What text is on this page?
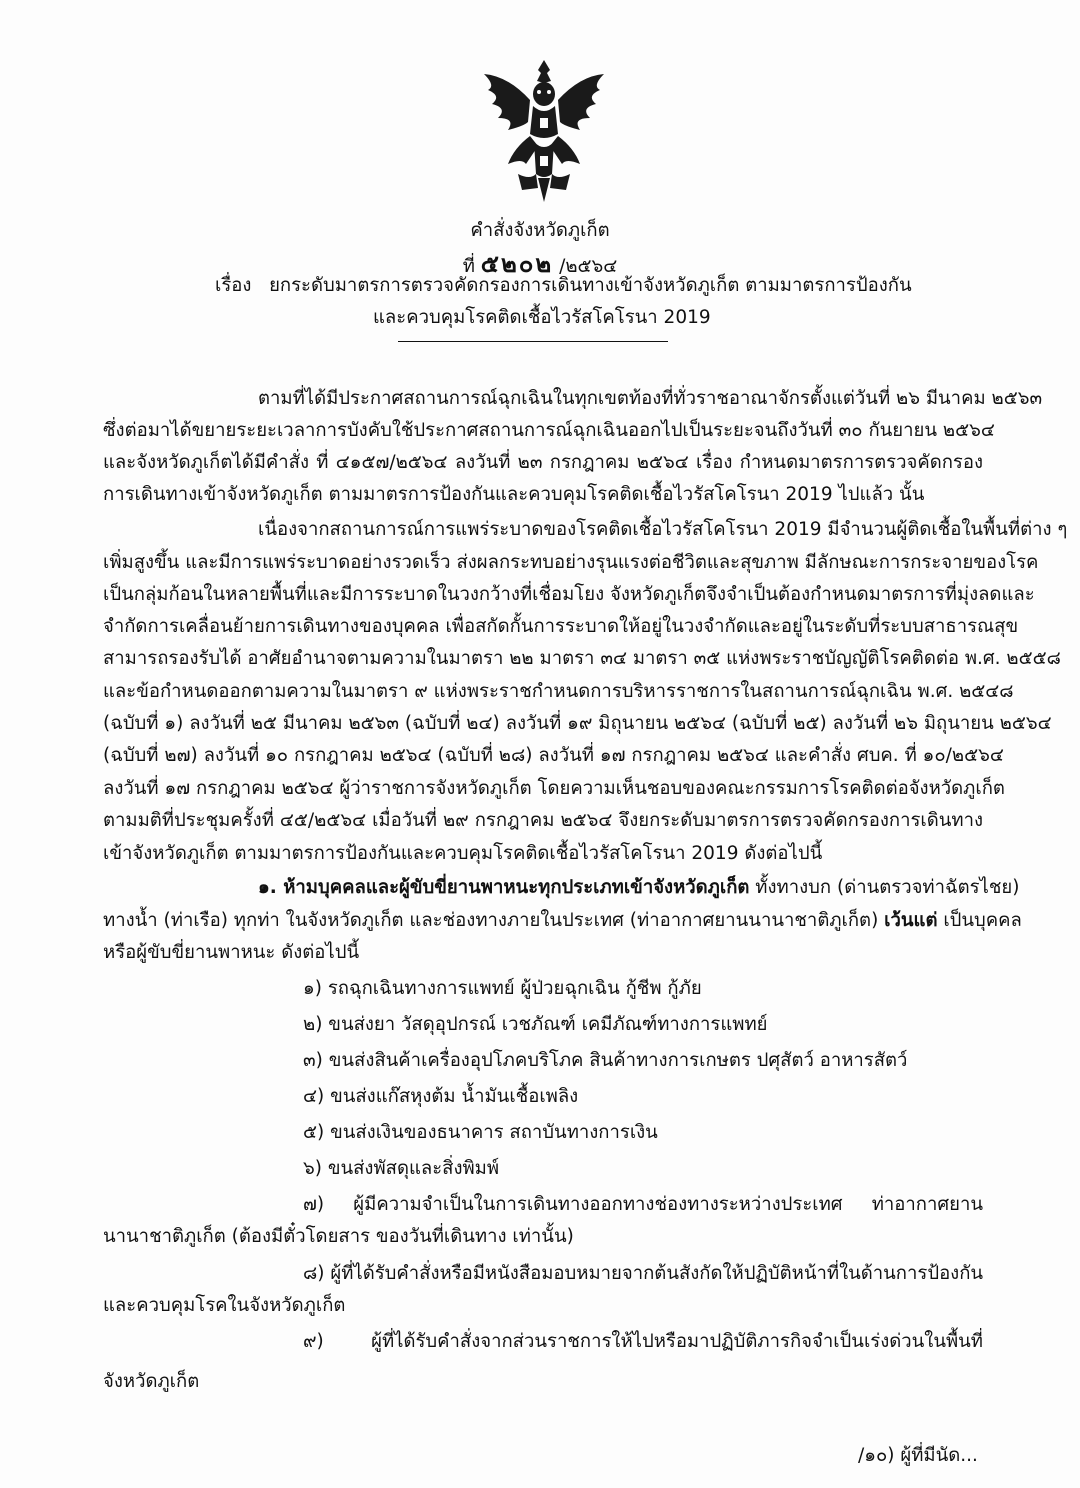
คำสั่งจังหวัดภูเก็ต
ที่ ๕๒๐๒ /๒๕๖๔
เรื่อง ยกระดับมาตรการตรวจคัดกรองการเดินทางเข้าจังหวัดภูเก็ต ตามมาตรการป้องกัน
และควบคุมโรคติดเชื้อไวรัสโคโรนา 2019
ตามที่ได้มีประกาศสถานการณ์ฉุกเฉินในทุกเขตท้องที่ทั่วราชอาณาจักรตั้งแต่วันที่ ๒๖ มีนาคม ๒๕๖๓
ซึ่งต่อมาได้ขยายระยะเวลาการบังคับใช้ประกาศสถานการณ์ฉุกเฉินออกไปเป็นระยะจนถึงวันที่ ๓๐ กันยายน ๒๕๖๔
และจังหวัดภูเก็ตได้มีคำสั่ง ที่ ๔๑๕๗/๒๕๖๔ ลงวันที่ ๒๓ กรกฎาคม ๒๕๖๔ เรื่อง กำหนดมาตรการตรวจคัดกรอง
การเดินทางเข้าจังหวัดภูเก็ต ตามมาตรการป้องกันและควบคุมโรคติดเชื้อไวรัสโคโรนา 2019 ไปแล้ว นั้น
เนื่องจากสถานการณ์การแพร่ระบาดของโรคติดเชื้อไวรัสโคโรนา 2019 มีจำนวนผู้ติดเชื้อในพื้นที่ต่าง ๆ
เพิ่มสูงขึ้น และมีการแพร่ระบาดอย่างรวดเร็ว ส่งผลกระทบอย่างรุนแรงต่อชีวิตและสุขภาพ มีลักษณะการกระจายของโรค
เป็นกลุ่มก้อนในหลายพื้นที่และมีการระบาดในวงกว้างที่เชื่อมโยง จังหวัดภูเก็ตจึงจำเป็นต้องกำหนดมาตรการที่มุ่งลดและ
จำกัดการเคลื่อนย้ายการเดินทางของบุคคล เพื่อสกัดกั้นการระบาดให้อยู่ในวงจำกัดและอยู่ในระดับที่ระบบสาธารณสุข
สามารถรองรับได้ อาศัยอำนาจตามความในมาตรา ๒๒ มาตรา ๓๔ มาตรา ๓๕ แห่งพระราชบัญญัติโรคติดต่อ พ.ศ. ๒๕๕๘
และข้อกำหนดออกตามความในมาตรา ๙ แห่งพระราชกำหนดการบริหารราชการในสถานการณ์ฉุกเฉิน พ.ศ. ๒๕๔๘
(ฉบับที่ ๑) ลงวันที่ ๒๕ มีนาคม ๒๕๖๓ (ฉบับที่ ๒๔) ลงวันที่ ๑๙ มิถุนายน ๒๕๖๔ (ฉบับที่ ๒๕) ลงวันที่ ๒๖ มิถุนายน ๒๕๖๔
(ฉบับที่ ๒๗) ลงวันที่ ๑๐ กรกฎาคม ๒๕๖๔ (ฉบับที่ ๒๘) ลงวันที่ ๑๗ กรกฎาคม ๒๕๖๔ และคำสั่ง ศบค. ที่ ๑๐/๒๕๖๔
ลงวันที่ ๑๗ กรกฎาคม ๒๕๖๔ ผู้ว่าราชการจังหวัดภูเก็ต โดยความเห็นชอบของคณะกรรมการโรคติดต่อจังหวัดภูเก็ต
ตามมติที่ประชุมครั้งที่ ๔๕/๒๕๖๔ เมื่อวันที่ ๒๙ กรกฎาคม ๒๕๖๔ จึงยกระดับมาตรการตรวจคัดกรองการเดินทาง
เข้าจังหวัดภูเก็ต ตามมาตรการป้องกันและควบคุมโรคติดเชื้อไวรัสโคโรนา 2019 ดังต่อไปนี้
๑. ห้ามบุคคลและผู้ขับขี่ยานพาหนะทุกประเภทเข้าจังหวัดภูเก็ต ทั้งทางบก (ด่านตรวจท่าฉัตรไชย)
ทางน้ำ (ท่าเรือ) ทุกท่า ในจังหวัดภูเก็ต และช่องทางภายในประเทศ (ท่าอากาศยานนานาชาติภูเก็ต) เว้นแต่ เป็นบุคคล
หรือผู้ขับขี่ยานพาหนะ ดังต่อไปนี้
๑) รถฉุกเฉินทางการแพทย์ ผู้ป่วยฉุกเฉิน กู้ชีพ กู้ภัย
๒) ขนส่งยา วัสดุอุปกรณ์ เวชภัณฑ์ เคมีภัณฑ์ทางการแพทย์
๓) ขนส่งสินค้าเครื่องอุปโภคบริโภค สินค้าทางการเกษตร ปศุสัตว์ อาหารสัตว์
๔) ขนส่งแก๊สหุงต้ม น้ำมันเชื้อเพลิง
๕) ขนส่งเงินของธนาคาร สถาบันทางการเงิน
๖) ขนส่งพัสดุและสิ่งพิมพ์
๗) ผู้มีความจำเป็นในการเดินทางออกทางช่องทางระหว่างประเทศ ท่าอากาศยาน
นานาชาติภูเก็ต (ต้องมีตั๋วโดยสาร ของวันที่เดินทาง เท่านั้น)
๘) ผู้ที่ได้รับคำสั่งหรือมีหนังสือมอบหมายจากต้นสังกัดให้ปฏิบัติหน้าที่ในด้านการป้องกัน
และควบคุมโรคในจังหวัดภูเก็ต
๙) ผู้ที่ได้รับคำสั่งจากส่วนราชการให้ไปหรือมาปฏิบัติภารกิจจำเป็นเร่งด่วนในพื้นที่
จังหวัดภูเก็ต
/๑๐) ผู้ที่มีนัด...
